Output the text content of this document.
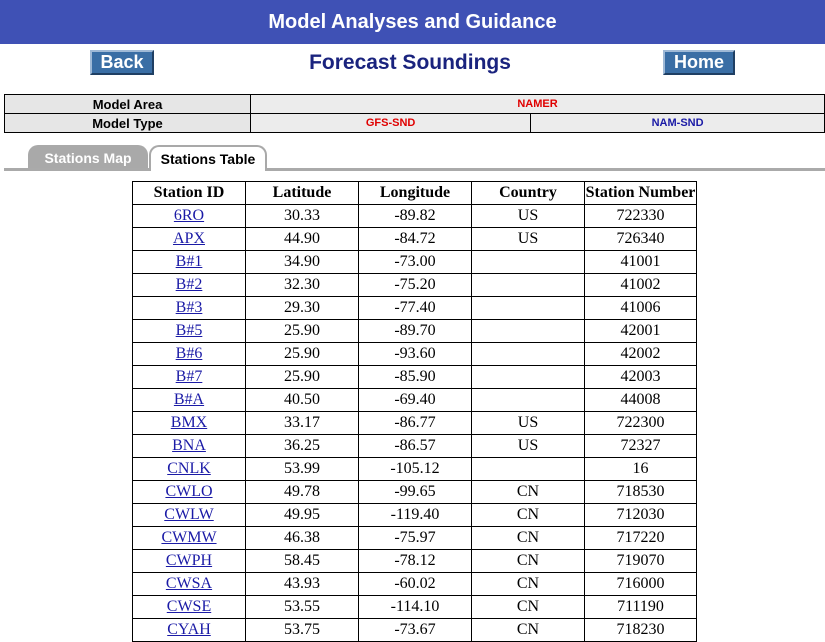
Model Analyses and Guidance
Back	Forecast Soundings	Home
Model Area	NAMER	
Model Type	GFS-SND	NAM-SND
Stations Map	Stations Table
Station ID	Latitude	Longitude	Country	Station Number
6RO	30.33	-89.82	US	722330
APX	44.90	-84.72	US	726340
B#1	34.90	-73.00		41001
B#2	32.30	-75.20		41002
B#3	29.30	-77.40		41006
B#5	25.90	-89.70		42001
B#6	25.90	-93.60		42002
B#7	25.90	-85.90		42003
B#A	40.50	-69.40		44008
BMX	33.17	-86.77	US	722300
BNA	36.25	-86.57	US	72327
CNLK	53.99	-105.12		16
CWLO	49.78	-99.65	CN	718530
CWLW	49.95	-119.40	CN	712030
CWMW	46.38	-75.97	CN	717220
CWPH	58.45	-78.12	CN	719070
CWSA	43.93	-60.02	CN	716000
CWSE	53.55	-114.10	CN	711190
CYAH	53.75	-73.67	CN	718230
